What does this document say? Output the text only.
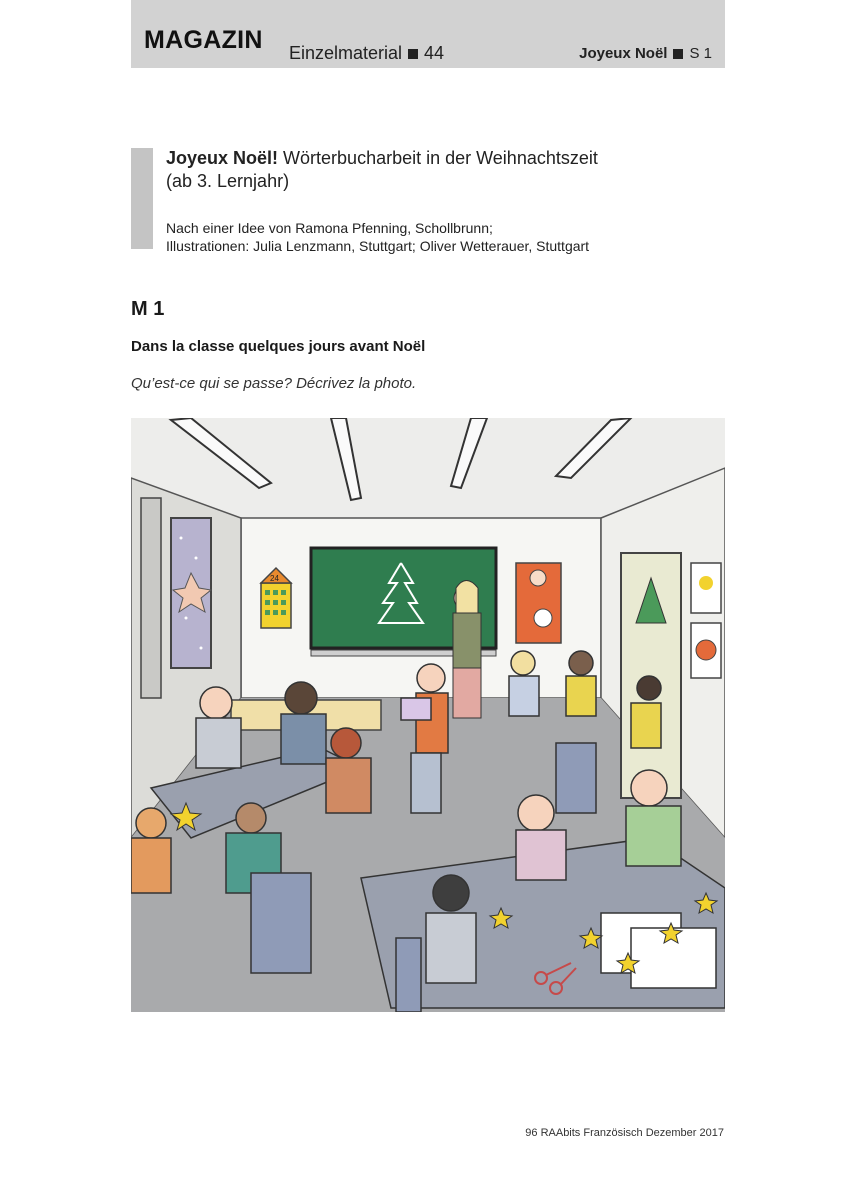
MAGAZIN Einzelmaterial 44	Joyeux Noël S 1
Joyeux Noël! Wörterbucharbeit in der Weihnachtszeit
(ab 3. Lernjahr)
Nach einer Idee von Ramona Pfenning, Schollbrunn;
Illustrationen: Julia Lenzmann, Stuttgart; Oliver Wetterauer, Stuttgart
M 1
Dans la classe quelques jours avant Noël
Qu’est-ce qui se passe? Décrivez la photo.
24
96 RAAbits Französisch Dezember 2017
